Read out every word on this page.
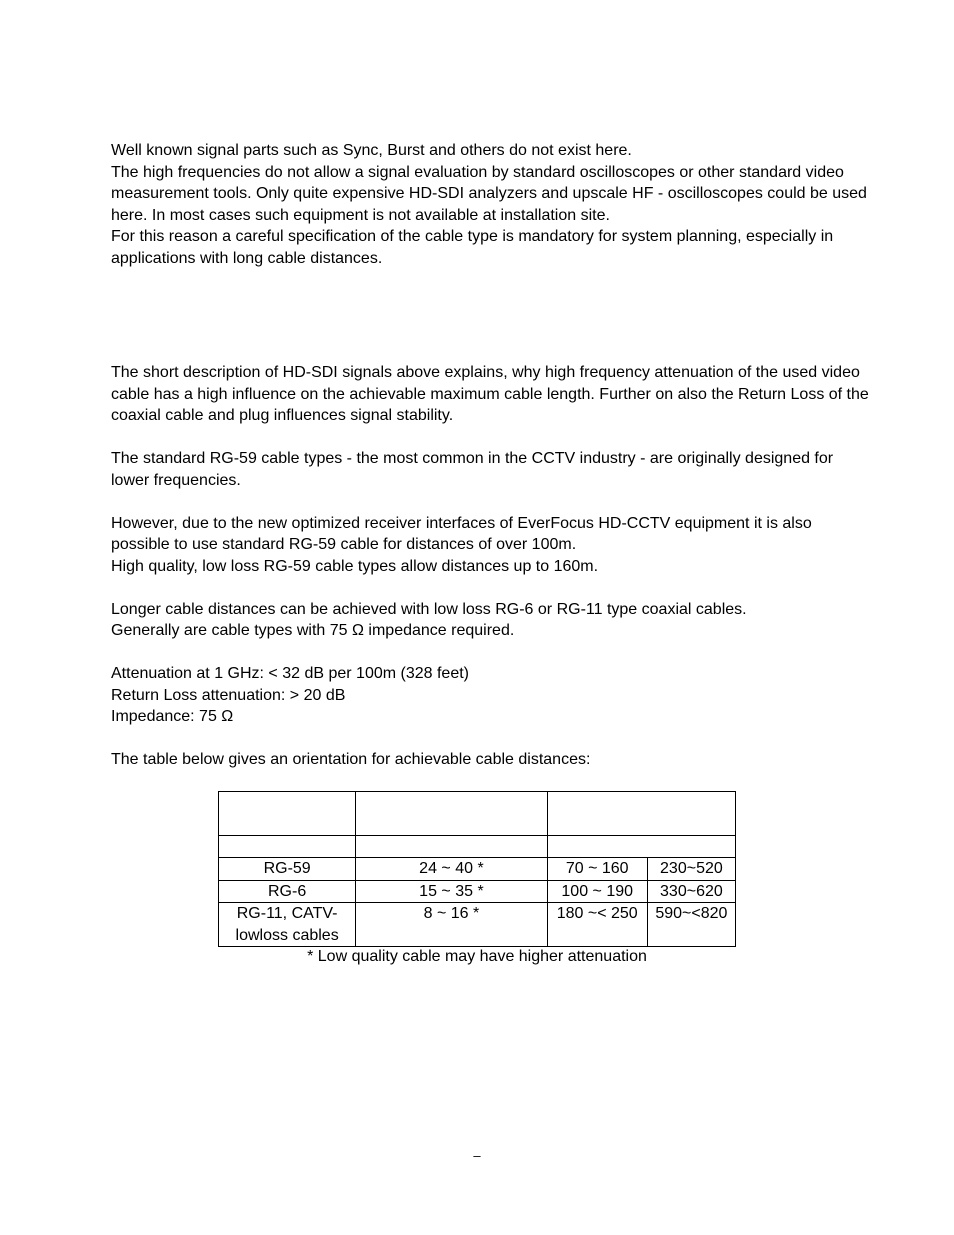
Well known signal parts such as Sync, Burst and others do not exist here.
The high frequencies do not allow a signal evaluation by standard oscilloscopes or other standard video
measurement tools. Only quite expensive HD-SDI analyzers and upscale HF - oscilloscopes could be used
here. In most cases such equipment is not available at installation site.
For this reason a careful specification of the cable type is mandatory for system planning, especially in
applications with long cable distances.
The short description of HD-SDI signals above explains, why high frequency attenuation of the used video
cable has a high influence on the achievable maximum cable length. Further on also the Return Loss of the
coaxial cable and plug influences signal stability.

The standard RG-59 cable types - the most common in the CCTV industry - are originally designed for
lower frequencies.

However, due to the new optimized receiver interfaces of EverFocus HD-CCTV equipment it is also
possible to use standard RG-59 cable for distances of over 100m.
High quality, low loss RG-59 cable types allow distances up to 160m.

Longer cable distances can be achieved with low loss RG-6 or RG-11 type coaxial cables.
Generally are cable types with 75 Ω impedance required.

Attenuation at 1 GHz: < 32 dB per 100m (328 feet)
Return Loss attenuation: > 20 dB
Impedance: 75 Ω

The table below gives an orientation for achievable cable distances:

RG-59	24 ~ 40 *	70 ~ 160	230~520
RG-6	15 ~ 35 *	100 ~ 190	330~620
RG-11, CATV-
lowloss cables	8 ~ 16 *	180 ~< 250	590~<820
* Low quality cable may have higher attenuation
–
